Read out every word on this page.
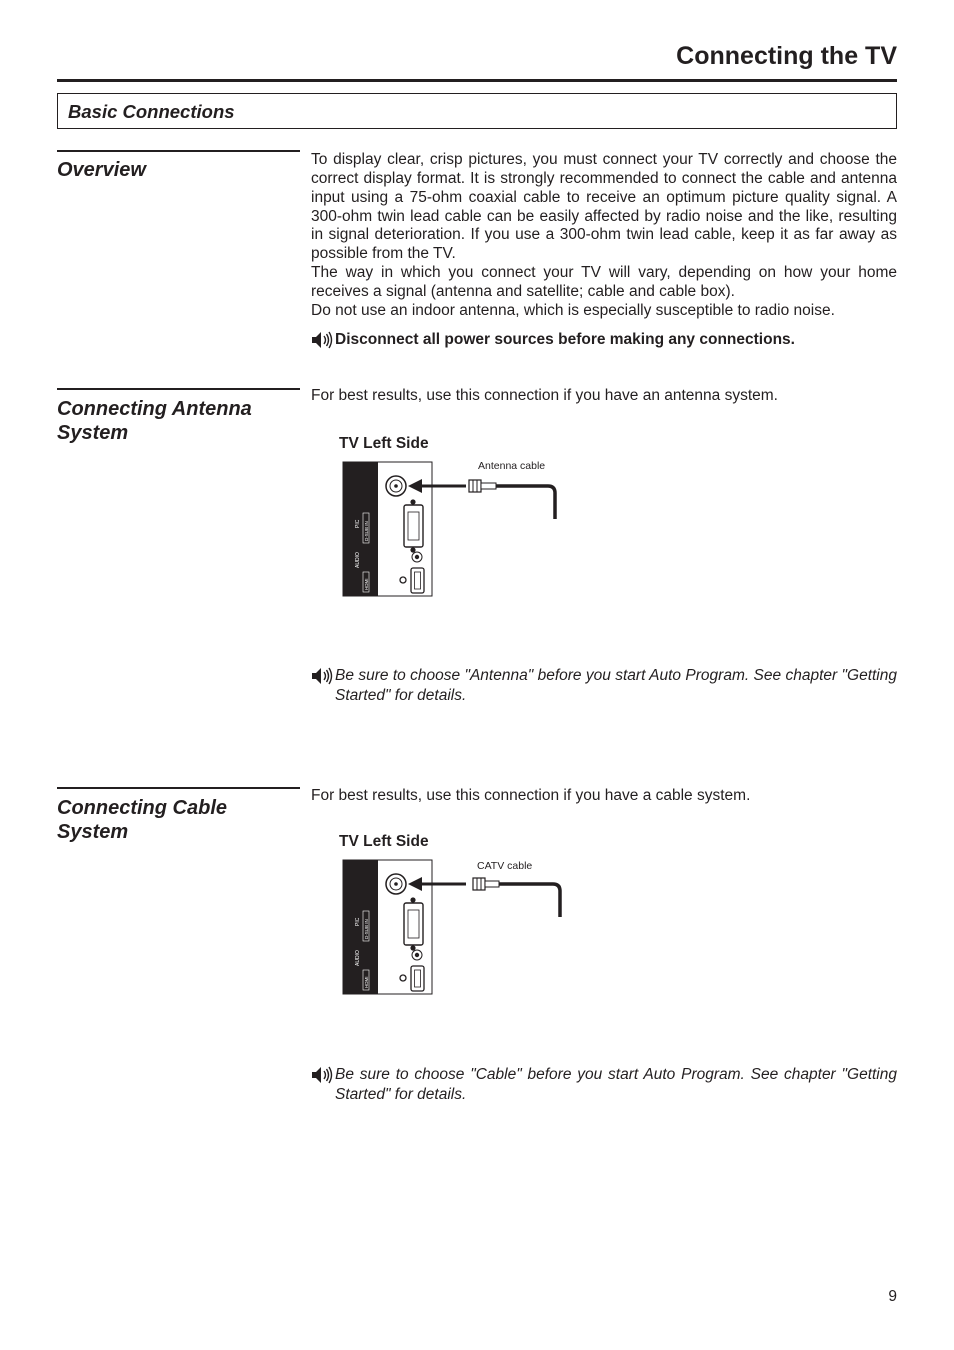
Connecting the TV
Basic Connections
Overview	To display clear, crisp pictures, you must connect your TV correctly and choose the correct display format. It is strongly recommended to connect the cable and antenna input using a 75-ohm coaxial cable to receive an optimum picture quality signal. A 300-ohm twin lead cable can be easily affected by radio noise and the like, resulting in signal deterioration. If you use a 300-ohm twin lead cable, keep it as far away as possible from the TV.

The way in which you connect your TV will vary, depending on how your home receives a signal (antenna and satellite; cable and cable box).

Do not use an indoor antenna, which is especially susceptible to radio noise.

Disconnect all power sources before making any connections.

Connecting Antenna System

For best results, use this connection if you have an antenna system.

TV Left Side

PIC D-SUB IN
AUDIO
HDMI
Antenna cable

Be sure to choose "Antenna" before you start Auto Program. See chapter "Getting Started" for details.

Connecting Cable System

For best results, use this connection if you have a cable system.

TV Left Side

PIC D-SUB IN
AUDIO
HDMI
CATV cable

Be sure to choose "Cable" before you start Auto Program. See chapter "Getting Started" for details.

9
